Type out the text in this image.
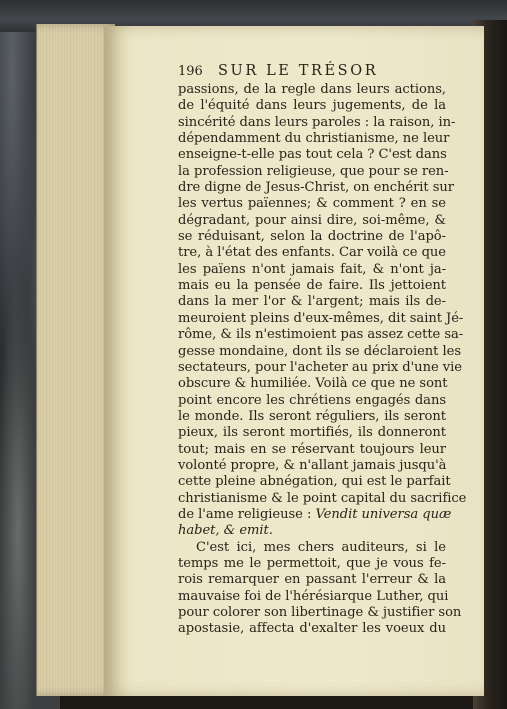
196 SUR LE TRÉSOR
passions, de la regle dans leurs actions,
de l'équité dans leurs jugements, de la
sincérité dans leurs paroles : la raison, in-
dépendamment du christianisme, ne leur
enseigne-t-elle pas tout cela ? C'est dans
la profession religieuse, que pour se ren-
dre digne de Jesus-Christ, on enchérit sur
les vertus païennes; & comment ? en se
dégradant, pour ainsi dire, soi-même, &
se réduisant, selon la doctrine de l'apô-
tre, à l'état des enfants. Car voilà ce que
les païens n'ont jamais fait, & n'ont ja-
mais eu la pensée de faire. Ils jettoient
dans la mer l'or & l'argent; mais ils de-
meuroient pleins d'eux-mêmes, dit saint Jé-
rôme, & ils n'estimoient pas assez cette sa-
gesse mondaine, dont ils se déclaroient les
sectateurs, pour l'acheter au prix d'une vie
obscure & humiliée. Voilà ce que ne sont
point encore les chrétiens engagés dans
le monde. Ils seront réguliers, ils seront
pieux, ils seront mortifiés, ils donneront
tout; mais en se réservant toujours leur
volonté propre, & n'allant jamais jusqu'à
cette pleine abnégation, qui est le parfait
christianisme & le point capital du sacrifice
de l'ame religieuse : Vendit universa quæ
habet, & emit.
C'est ici, mes chers auditeurs, si le
temps me le permettoit, que je vous fe-
rois remarquer en passant l'erreur & la
mauvaise foi de l'hérésiarque Luther, qui
pour colorer son libertinage & justifier son
apostasie, affecta d'exalter les voeux du
